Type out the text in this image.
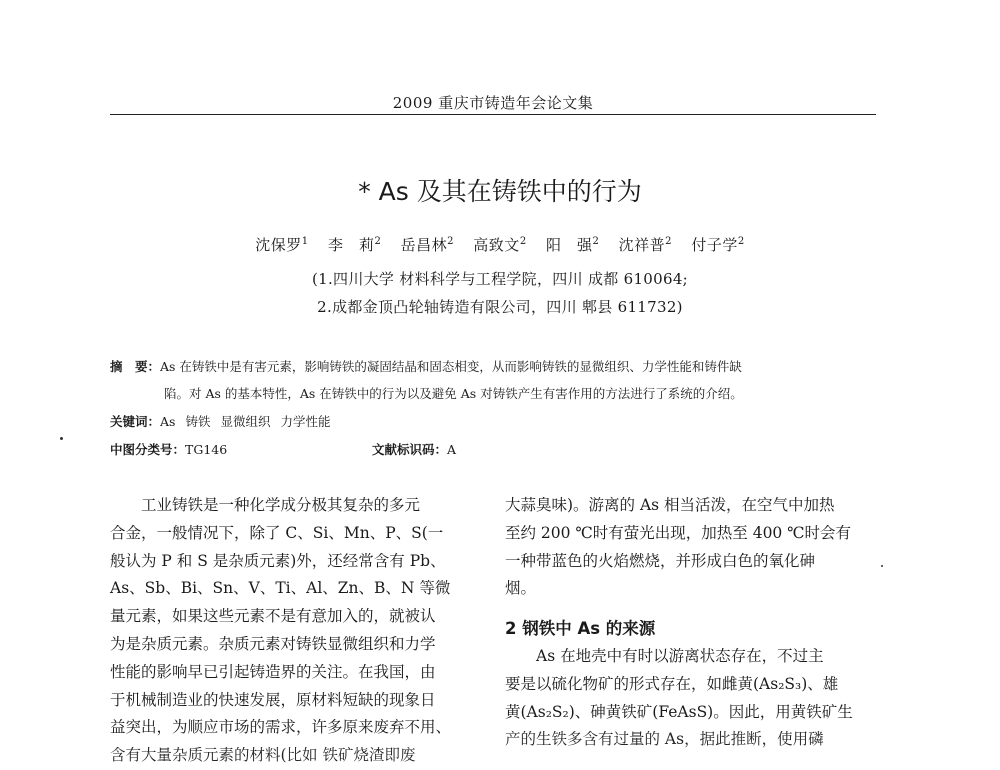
2009 重庆市铸造年会论文集
* As 及其在铸铁中的行为
沈保罗$^1$ 李　莉$^2$ 岳昌林$^2$ 高致文$^2$ 阳　强$^2$ 沈祥普$^2$ 付子学$^2$
(1.四川大学 材料科学与工程学院，四川 成都 610064;
2.成都金顶凸轮轴铸造有限公司，四川 郫县 611732)
摘　要：As 在铸铁中是有害元素，影响铸铁的凝固结晶和固态相变，从而影响铸铁的显微组织、力学性能和铸件缺
陷。对 As 的基本特性，As 在铸铁中的行为以及避免 As 对铸铁产生有害作用的方法进行了系统的介绍。
关键词：As 铸铁 显微组织 力学性能
中图分类号：TG146	文献标识码：A

工业铸铁是一种化学成分极其复杂的多元

合金，一般情况下，除了 C、Si、Mn、P、S(一

般认为 P 和 S 是杂质元素)外，还经常含有 Pb、

As、Sb、Bi、Sn、V、Ti、Al、Zn、B、N 等微

量元素，如果这些元素不是有意加入的，就被认

为是杂质元素。杂质元素对铸铁显微组织和力学

性能的影响早已引起铸造界的关注。在我国，由

于机械制造业的快速发展，原材料短缺的现象日

益突出，为顺应市场的需求，许多原来废弃不用、

含有大量杂质元素的材料(比如 铁矿烧渣即废

大蒜臭味)。游离的 As 相当活泼，在空气中加热

至约 200 ℃时有萤光出现，加热至 400 ℃时会有

一种带蓝色的火焰燃烧，并形成白色的氧化砷

烟。

2 钢铁中 As 的来源

As 在地壳中有时以游离状态存在，不过主

要是以硫化物矿的形式存在，如雌黄(As₂S₃)、雄

黄(As₂S₂)、砷黄铁矿(FeAsS)。因此，用黄铁矿生

产的生铁多含有过量的 As，据此推断，使用磷
